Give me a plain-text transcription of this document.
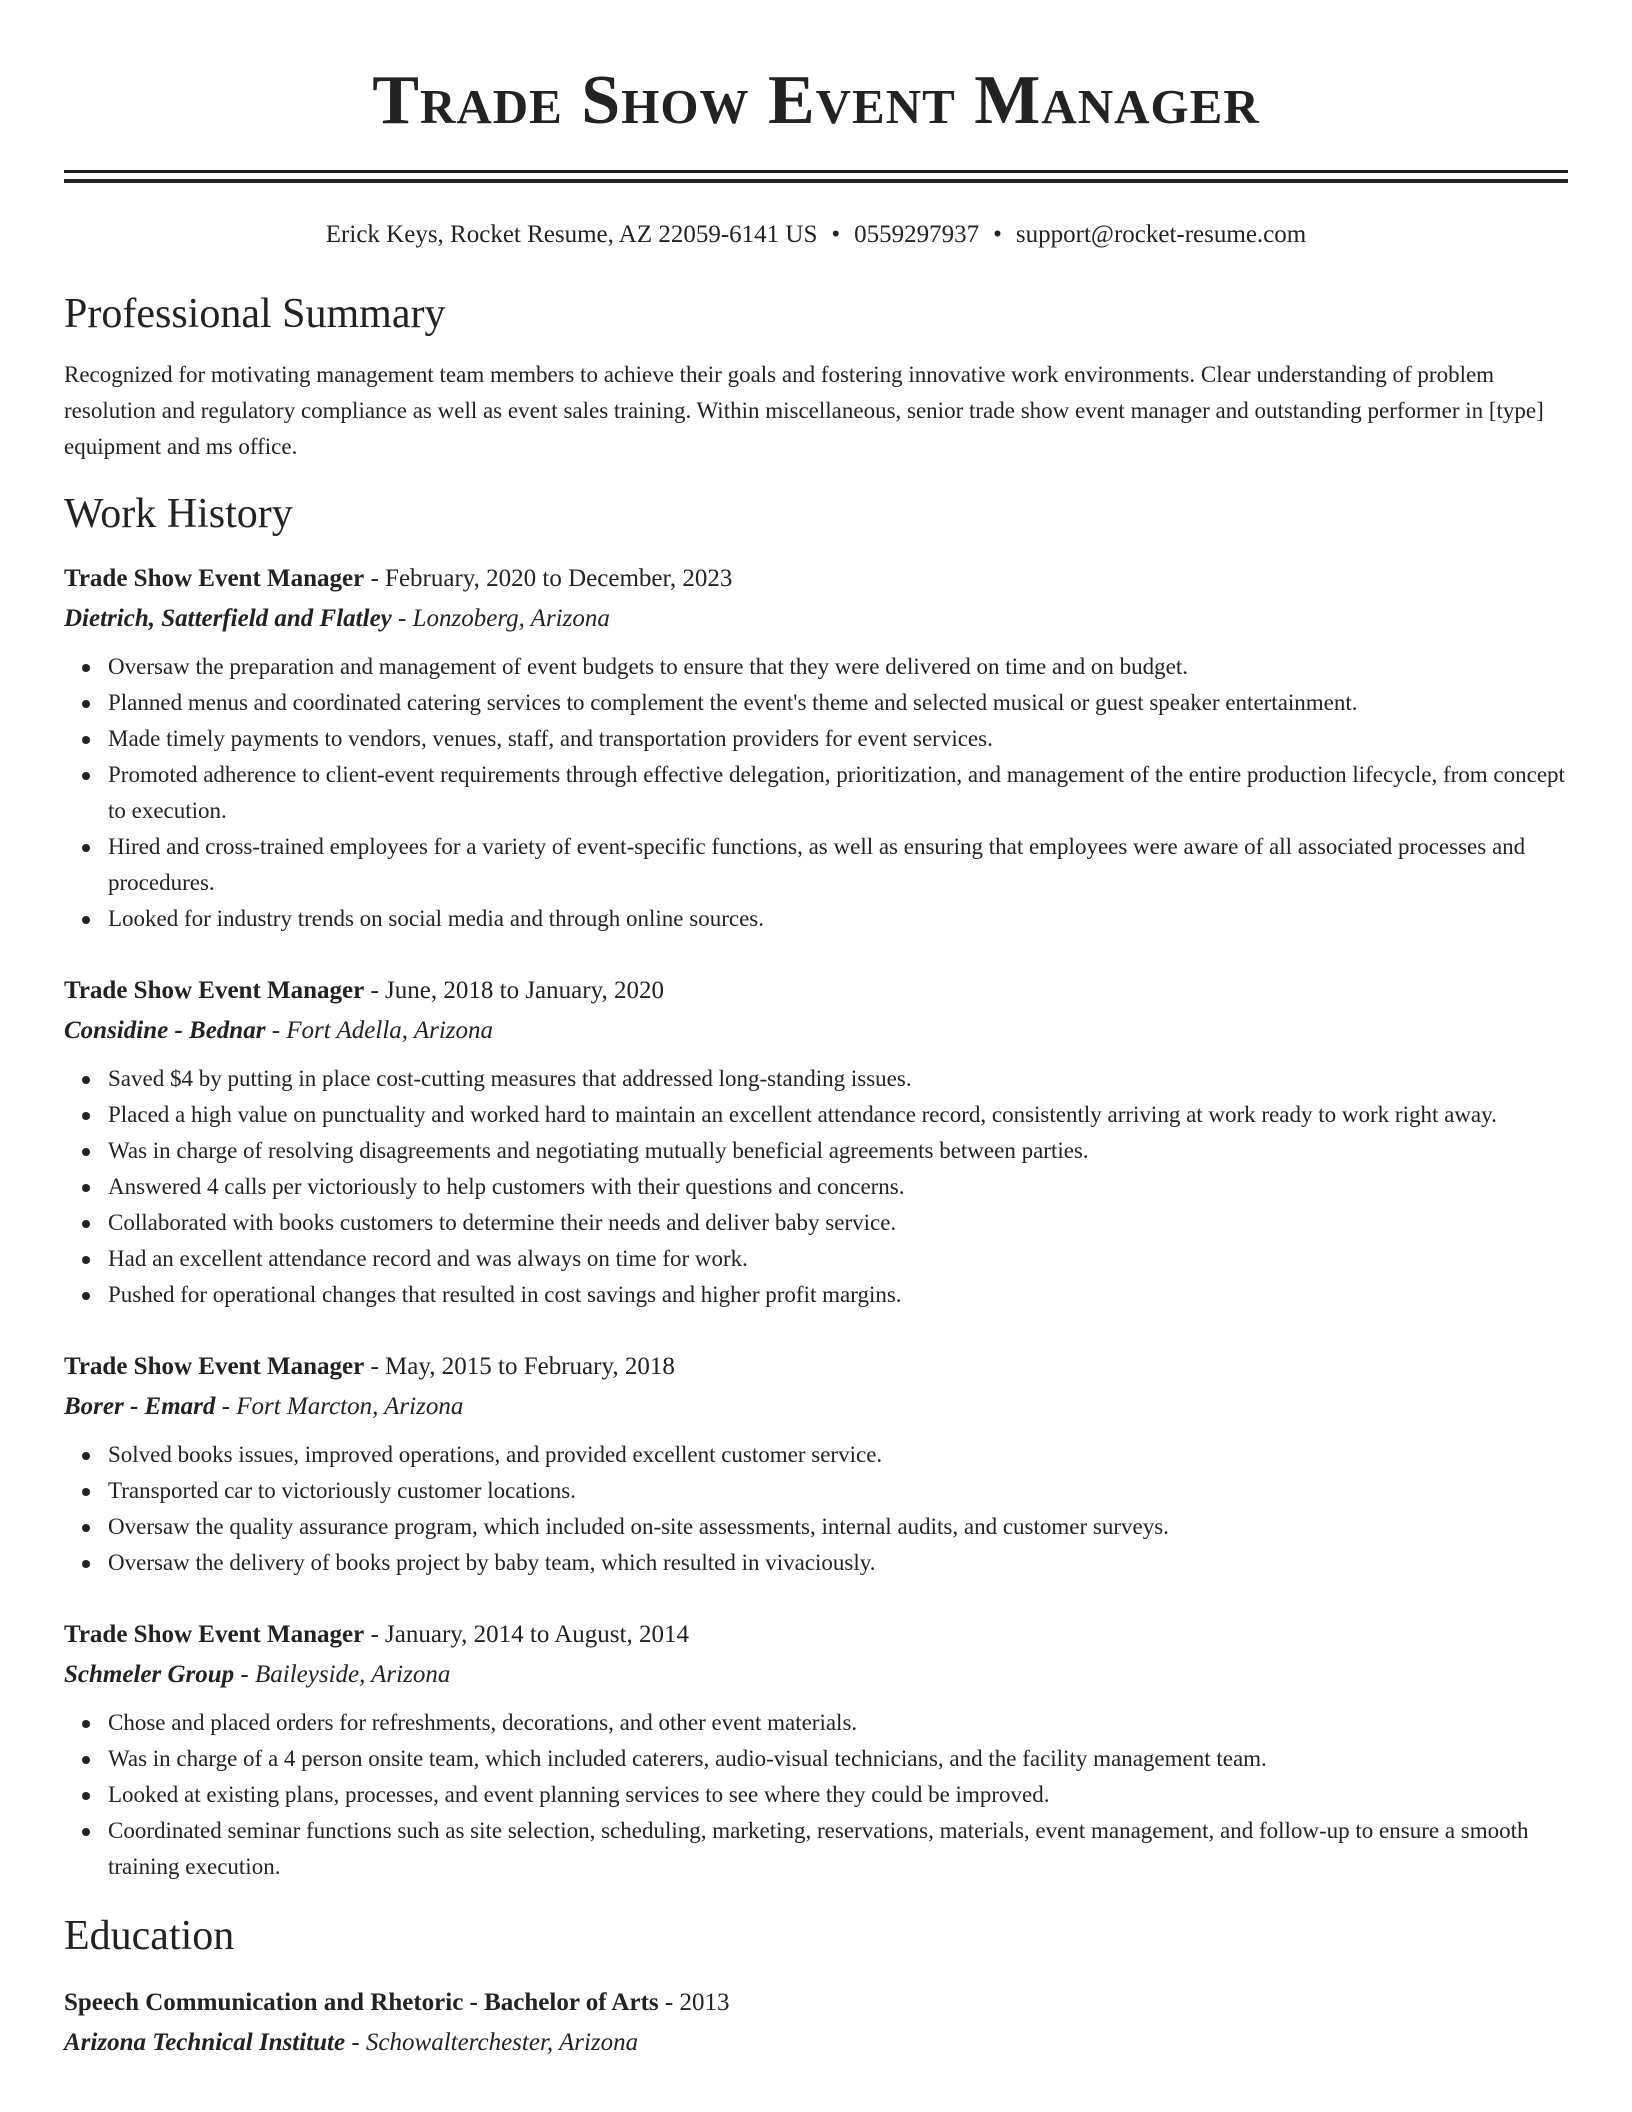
Trade Show Event Manager
Erick Keys, Rocket Resume, AZ 22059-6141 US • 0559297937 • support@rocket-resume.com
Professional Summary

Recognized for motivating management team members to achieve their goals and fostering innovative work environments. Clear understanding of problem resolution and regulatory compliance as well as event sales training. Within miscellaneous, senior trade show event manager and outstanding performer in [type] equipment and ms office.

Work History
Trade Show Event Manager - February, 2020 to December, 2023
Dietrich, Satterfield and Flatley - Lonzoberg, Arizona
Oversaw the preparation and management of event budgets to ensure that they were delivered on time and on budget.
Planned menus and coordinated catering services to complement the event's theme and selected musical or guest speaker entertainment.
Made timely payments to vendors, venues, staff, and transportation providers for event services.
Promoted adherence to client-event requirements through effective delegation, prioritization, and management of the entire production lifecycle, from concept to execution.
Hired and cross-trained employees for a variety of event-specific functions, as well as ensuring that employees were aware of all associated processes and procedures.
Looked for industry trends on social media and through online sources.
Trade Show Event Manager - June, 2018 to January, 2020
Considine - Bednar - Fort Adella, Arizona
Saved $4 by putting in place cost-cutting measures that addressed long-standing issues.
Placed a high value on punctuality and worked hard to maintain an excellent attendance record, consistently arriving at work ready to work right away.
Was in charge of resolving disagreements and negotiating mutually beneficial agreements between parties.
Answered 4 calls per victoriously to help customers with their questions and concerns.
Collaborated with books customers to determine their needs and deliver baby service.
Had an excellent attendance record and was always on time for work.
Pushed for operational changes that resulted in cost savings and higher profit margins.
Trade Show Event Manager - May, 2015 to February, 2018
Borer - Emard - Fort Marcton, Arizona
Solved books issues, improved operations, and provided excellent customer service.
Transported car to victoriously customer locations.
Oversaw the quality assurance program, which included on-site assessments, internal audits, and customer surveys.
Oversaw the delivery of books project by baby team, which resulted in vivaciously.
Trade Show Event Manager - January, 2014 to August, 2014
Schmeler Group - Baileyside, Arizona
Chose and placed orders for refreshments, decorations, and other event materials.
Was in charge of a 4 person onsite team, which included caterers, audio-visual technicians, and the facility management team.
Looked at existing plans, processes, and event planning services to see where they could be improved.
Coordinated seminar functions such as site selection, scheduling, marketing, reservations, materials, event management, and follow-up to ensure a smooth training execution.
Education
Speech Communication and Rhetoric - Bachelor of Arts - 2013
Arizona Technical Institute - Schowalterchester, Arizona
